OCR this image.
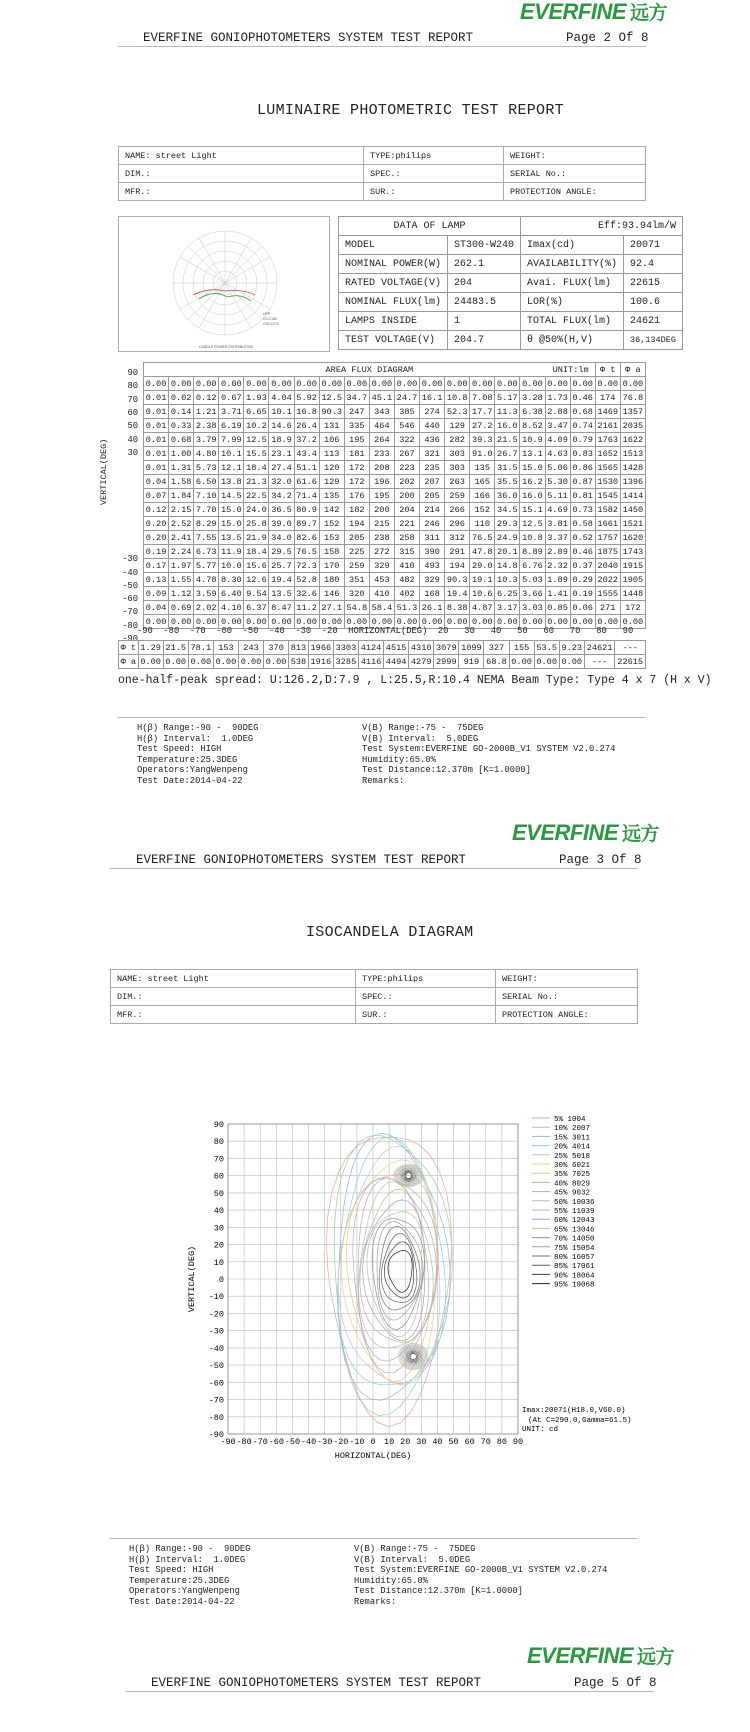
EVERFINE 远方
EVERFINE GONIOPHOTOMETERS SYSTEM TEST REPORT	Page 2 Of 8
LUMINAIRE PHOTOMETRIC TEST REPORT
NAME: street Light	TYPE:philips	WEIGHT:
DIM.:	SPEC.:	SERIAL No.:
MFR.:	SUR.:	PROTECTION ANGLE:
HPP
C0-C180
C90-C270
CANDLE POWER DISTRIBUTION
DATA OF LAMP		Eff:93.94lm/W	
MODEL	ST300-W240	Imax(cd)	20071
NOMINAL POWER(W)	262.1	AVAILABILITY(%)	92.4
RATED VOLTAGE(V)	204	Avai. FLUX(lm)	22615
NOMINAL FLUX(lm)	24483.5	LOR(%)	100.6
LAMPS INSIDE	1	TOTAL FLUX(lm)	24621
TEST VOLTAGE(V)	204.7	θ @50%(H,V)	36,134DEG
90
80
70
60
50
40
30
-30
-40
-50
-60
-70
-80
-90
VERTICAL(DEG)
AREA FLUX DIAGRAM UNIT:lm																		Φ t	Φ a
0.00	0.00	0.00	0.00	0.00	0.00	0.00	0.00	0.00	0.00	0.00	0.00	0.00	0.00	0.00	0.00	0.00	0.00	0.00	0.00
0.01	0.02	0.12	0.67	1.93	4.04	5.92	12.5	34.7	45.1	24.7	16.1	10.8	7.08	5.17	3.28	1.73	0.46	174	76.8
0.01	0.14	1.21	3.71	6.65	10.1	16.8	90.3	247	343	385	274	52.3	17.7	11.3	6.38	2.88	0.68	1469	1357
0.01	0.33	2.38	6.19	10.2	14.6	26.4	131	335	464	546	440	129	27.2	16.0	8.52	3.47	0.74	2161	2035
0.01	0.68	3.79	7.99	12.5	18.9	37.2	106	195	264	322	436	282	39.3	21.5	10.9	4.09	0.79	1763	1622
0.01	1.00	4.80	10.1	15.5	23.1	43.4	113	181	233	267	321	303	91.0	26.7	13.1	4.63	0.83	1652	1513
0.01	1.31	5.73	12.1	18.4	27.4	51.1	120	172	208	223	235	303	135	31.5	15.0	5.06	0.86	1565	1428
0.04	1.58	6.50	13.8	21.3	32.0	61.6	129	172	196	202	207	263	165	35.5	16.2	5.30	0.87	1530	1396
0.07	1.84	7.10	14.5	22.5	34.2	71.4	135	176	195	200	205	259	166	36.0	16.0	5.11	0.81	1545	1414
0.12	2.15	7.70	15.0	24.0	36.5	80.9	142	182	200	204	214	266	152	34.5	15.1	4.69	0.73	1582	1450
0.20	2.52	8.29	15.0	25.8	39.0	89.7	152	194	215	221	246	296	110	29.3	12.5	3.81	0.58	1661	1521
0.20	2.41	7.55	13.5	21.9	34.0	82.6	153	205	238	258	311	312	76.5	24.9	10.8	3.37	0.52	1757	1620
0.19	2.24	6.73	11.9	18.4	29.5	76.5	158	225	272	315	390	291	47.8	20.1	8.89	2.89	0.46	1875	1743
0.17	1.97	5.77	10.0	15.6	25.7	72.3	170	259	329	410	493	194	29.0	14.8	6.76	2.32	0.37	2040	1915
0.13	1.55	4.78	8.30	12.6	19.4	52.8	180	351	453	482	329	90.3	19.1	10.3	5.03	1.89	0.29	2022	1905
0.09	1.12	3.59	6.40	9.54	13.5	32.6	146	320	410	402	168	19.4	10.6	6.25	3.66	1.41	0.19	1555	1448
0.04	0.69	2.02	4.10	6.37	8.47	11.2	27.1	54.8	58.4	51.3	26.1	8.38	4.87	3.17	3.03	0.85	0.06	271	172
0.00	0.00	0.00	0.00	0.00	0.00	0.00	0.00	0.00	0.00	0.00	0.00	0.00	0.00	0.00	0.00	0.00	0.00	0.00	0.00
-90  -80  -70  -60  -50  -40  -30  -20  HORIZONTAL(DEG)  20   30   40   50   60   70   80   90
Φ t	1.29	21.5	78.1	153	243	370	813	1966	3303	4124	4515	4310	3079	1099	327	155	53.5	9.23	24621	---
Φ a	0.00	0.00	0.00	0.00	0.00	0.00	538	1916	3285	4116	4494	4279	2999	919	68.8	0.00	0.00	0.00	---	22615
one-half-peak spread: U:126.2,D:7.9 , L:25.5,R:10.4 NEMA Beam Type: Type 4 x 7 (H x V)
H(β) Range:-90 -  90DEG
H(β) Interval:  1.0DEG
Test Speed: HIGH
Temperature:25.3DEG
Operators:YangWenpeng
Test Date:2014-04-22
V(B) Range:-75 -  75DEG
V(B) Interval:  5.0DEG
Test System:EVERFINE GO-2000B_V1 SYSTEM V2.0.274
Humidity:65.0%
Test Distance:12.370m [K=1.0000]
Remarks:
EVERFINE 远方
EVERFINE GONIOPHOTOMETERS SYSTEM TEST REPORT	Page 3 Of 8
ISOCANDELA DIAGRAM
NAME: street Light	TYPE:philips	WEIGHT:
DIM.:	SPEC.:	SERIAL No.:
MFR.:	SUR.:	PROTECTION ANGLE:
-90 -80 -70 -60 -50 -40 -30 -20 -10 0 10 20 30 40 50 60 70 80 90
90
80
70
60
50
40
30
20
10
0
-10
-20
-30
-40
-50
-60
-70
-80
-90
HORIZONTAL(DEG)
VERTICAL(DEG)
5% 1004
10% 2007
15% 3011
20% 4014
25% 5018
30% 6021
35% 7025
40% 8029
45% 9032
50% 10036
55% 11039
60% 12043
65% 13046
70% 14050
75% 15054
80% 16057
85% 17061
90% 18064
95% 19068
Imax:20071(H18.0,V60.0)
(At C=290.0,Gamma=61.5)
UNIT: cd
H(β) Range:-90 -  90DEG
H(β) Interval:  1.0DEG
Test Speed: HIGH
Temperature:25.3DEG
Operators:YangWenpeng
Test Date:2014-04-22
V(B) Range:-75 -  75DEG
V(B) Interval:  5.0DEG
Test System:EVERFINE GO-2000B_V1 SYSTEM V2.0.274
Humidity:65.0%
Test Distance:12.370m [K=1.0000]
Remarks:
EVERFINE 远方
EVERFINE GONIOPHOTOMETERS SYSTEM TEST REPORT	Page 5 Of 8
